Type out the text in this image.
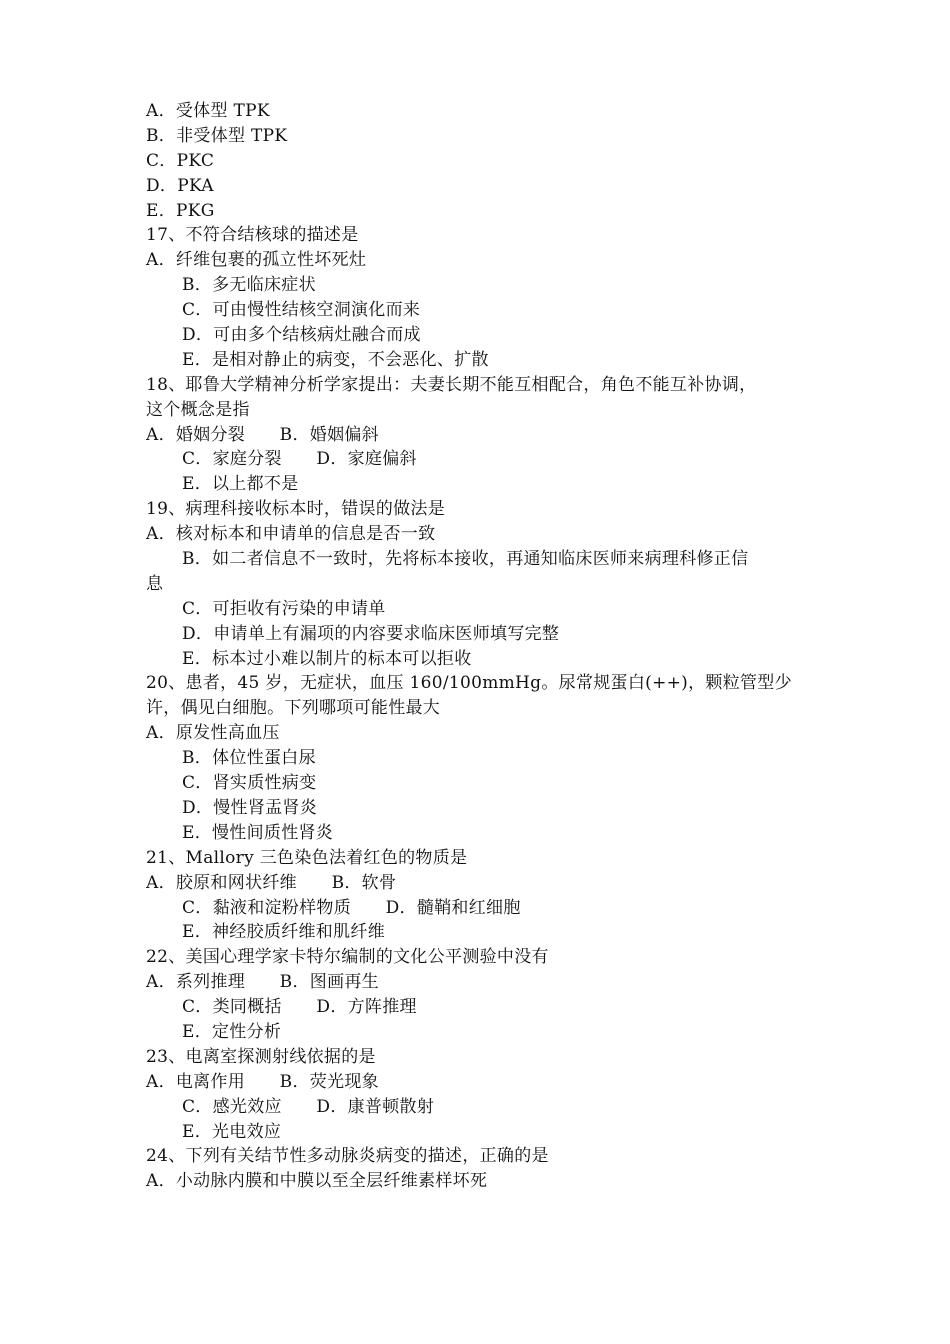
A．受体型 TPK
B．非受体型 TPK
C．PKC
D．PKA
E．PKG
17、不符合结核球的描述是
A．纤维包裹的孤立性坏死灶
B．多无临床症状
C．可由慢性结核空洞演化而来
D．可由多个结核病灶融合而成
E．是相对静止的病变，不会恶化、扩散
18、耶鲁大学精神分析学家提出：夫妻长期不能互相配合，角色不能互补协调，
这个概念是指
A．婚姻分裂　　B．婚姻偏斜
C．家庭分裂　　D．家庭偏斜
E．以上都不是
19、病理科接收标本时，错误的做法是
A．核对标本和申请单的信息是否一致
B．如二者信息不一致时，先将标本接收，再通知临床医师来病理科修正信
息
C．可拒收有污染的申请单
D．申请单上有漏项的内容要求临床医师填写完整
E．标本过小难以制片的标本可以拒收
20、患者，45 岁，无症状，血压 160/100mmHg。尿常规蛋白(++)，颗粒管型少
许，偶见白细胞。下列哪项可能性最大
A．原发性高血压
B．体位性蛋白尿
C．肾实质性病变
D．慢性肾盂肾炎
E．慢性间质性肾炎
21、Mallory 三色染色法着红色的物质是
A．胶原和网状纤维　　B．软骨
C．黏液和淀粉样物质　　D．髓鞘和红细胞
E．神经胶质纤维和肌纤维
22、美国心理学家卡特尔编制的文化公平测验中没有
A．系列推理　　B．图画再生
C．类同概括　　D．方阵推理
E．定性分析
23、电离室探测射线依据的是
A．电离作用　　B．荧光现象
C．感光效应　　D．康普顿散射
E．光电效应
24、下列有关结节性多动脉炎病变的描述，正确的是
A．小动脉内膜和中膜以至全层纤维素样坏死
